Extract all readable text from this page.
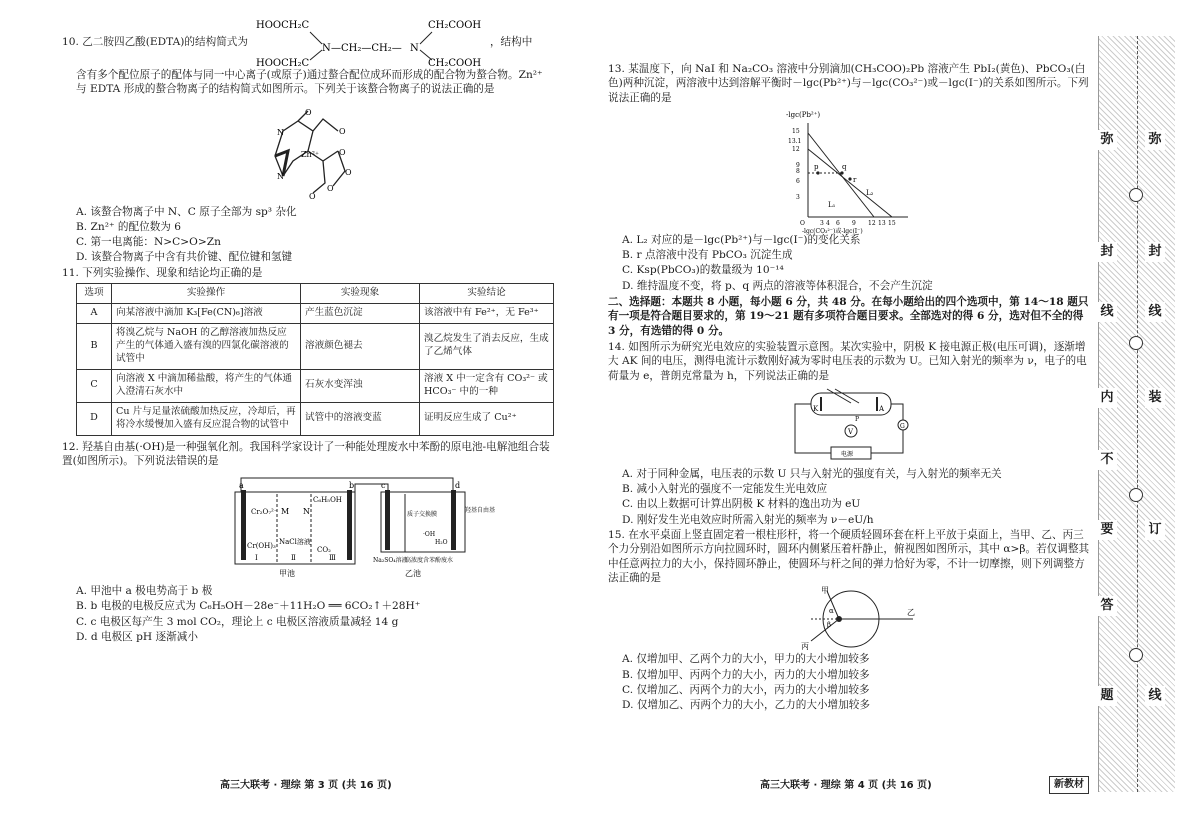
10. 乙二胺四乙酸(EDTA)的结构简式为
HOOCH₂C
HOOCH₂C
N —CH₂—CH₂— N
CH₂COOH
CH₂COOH
，结构中

含有多个配位原子的配体与同一中心离子(或原子)通过螯合配位成环而形成的配合物为螯合物。Zn²⁺ 与 EDTA 形成的螯合物离子的结构简式如图所示。下列关于该螯合物离子的说法正确的是

Zn²⁺
N
N
O
O
O
O
O
O

A. 该螯合物离子中 N、C 原子全部为 sp³ 杂化

B. Zn²⁺ 的配位数为 6

C. 第一电离能：N>C>O>Zn

D. 该螯合物离子中含有共价键、配位键和氢键

11. 下列实验操作、现象和结论均正确的是

选项	实验操作	实验现象	实验结论
A	向某溶液中滴加 K₃[Fe(CN)₆]溶液	产生蓝色沉淀	该溶液中有 Fe²⁺，无 Fe³⁺
B	将溴乙烷与 NaOH 的乙醇溶液加热反应产生的气体通入盛有溴的四氯化碳溶液的试管中	溶液颜色褪去	溴乙烷发生了消去反应，生成了乙烯气体
C	向溶液 X 中滴加稀盐酸，将产生的气体通入澄清石灰水中	石灰水变浑浊	溶液 X 中一定含有 CO₃²⁻ 或 HCO₃⁻ 中的一种
D	Cu 片与足量浓硫酸加热反应，冷却后，再将冷水缓慢加入盛有反应混合物的试管中	试管中的溶液变蓝	证明反应生成了 Cu²⁺

12. 羟基自由基(·OH)是一种强氧化剂。我国科学家设计了一种能处理废水中苯酚的原电池-电解池组合装置(如图所示)。下列说法错误的是

a	b
Cr₂O₇²⁻
Cr(OH)₃
M N
NaCl溶液
C₆H₅OH
CO₂
Ⅰ	Ⅱ	Ⅲ
甲池
c	d
质子交换膜
·OH
H₂O
Na₂SO₄溶液
高浓度含苯酚废水
乙池
羟基自由基

A. 甲池中 a 极电势高于 b 极

B. b 电极的电极反应式为 C₆H₅OH－28e⁻＋11H₂O ══ 6CO₂↑＋28H⁺

C. c 电极区每产生 3 mol CO₂，理论上 c 电极区溶液质量减轻 14 g

D. d 电极区 pH 逐渐减小

13. 某温度下，向 NaI 和 Na₂CO₃ 溶液中分别滴加(CH₃COO)₂Pb 溶液产生 PbI₂(黄色)、PbCO₃(白色)两种沉淀，两溶液中达到溶解平衡时－lgc(Pb²⁺)与－lgc(CO₃²⁻)或－lgc(I⁻)的关系如图所示。下列说法正确的是

-lgc(Pb²⁺)
15
13.1
12
9
8
6
3
O	3 4 6 9 12 13 15
p	q
r
L₁
L₂
-lgc(CO₃²⁻)或-lgc(I⁻)

A. L₂ 对应的是－lgc(Pb²⁺)与－lgc(I⁻)的变化关系

B. r 点溶液中没有 PbCO₃ 沉淀生成

C. Ksp(PbCO₃)的数量级为 10⁻¹⁴

D. 维持温度不变，将 p、q 两点的溶液等体积混合，不会产生沉淀

二、选择题：本题共 8 小题，每小题 6 分，共 48 分。在每小题给出的四个选项中，第 14～18 题只有一项是符合题目要求的，第 19～21 题有多项符合题目要求。全部选对的得 6 分，选对但不全的得 3 分，有选错的得 0 分。

14. 如图所示为研究光电效应的实验装置示意图。某次实验中，阴极 K 接电源正极(电压可调)，逐渐增大 AK 间的电压，测得电流计示数刚好减为零时电压表的示数为 U。已知入射光的频率为 ν，电子的电荷量为 e，普朗克常量为 h，下列说法正确的是

K	A
V
G
电源
P

A. 对于同种金属，电压表的示数 U 只与入射光的强度有关，与入射光的频率无关

B. 减小入射光的强度不一定能发生光电效应

C. 由以上数据可计算出阴极 K 材料的逸出功为 eU

D. 刚好发生光电效应时所需入射光的频率为 ν－eU/h

15. 在水平桌面上竖直固定着一根柱形杆，将一个硬质轻圆环套在杆上平放于桌面上，当甲、乙、丙三个力分别沿如图所示方向拉圆环时，圆环内侧紧压着杆静止，俯视图如图所示，其中 α>β。若仅调整其中任意两拉力的大小，保持圆环静止，使圆环与杆之间的弹力恰好为零，不计一切摩擦，则下列调整方法正确的是

甲
乙
丙
α
β

A. 仅增加甲、乙两个力的大小，甲力的大小增加较多

B. 仅增加甲、丙两个力的大小，丙力的大小增加较多

C. 仅增加乙、丙两个力的大小，丙力的大小增加较多

D. 仅增加乙、丙两个力的大小，乙力的大小增加较多

高三大联考 · 理综 第 3 页 (共 16 页)	高三大联考 · 理综 第 4 页 (共 16 页)	新教材
弥
封
线
内
不
要
答
题
弥
封
线
装
订
线
